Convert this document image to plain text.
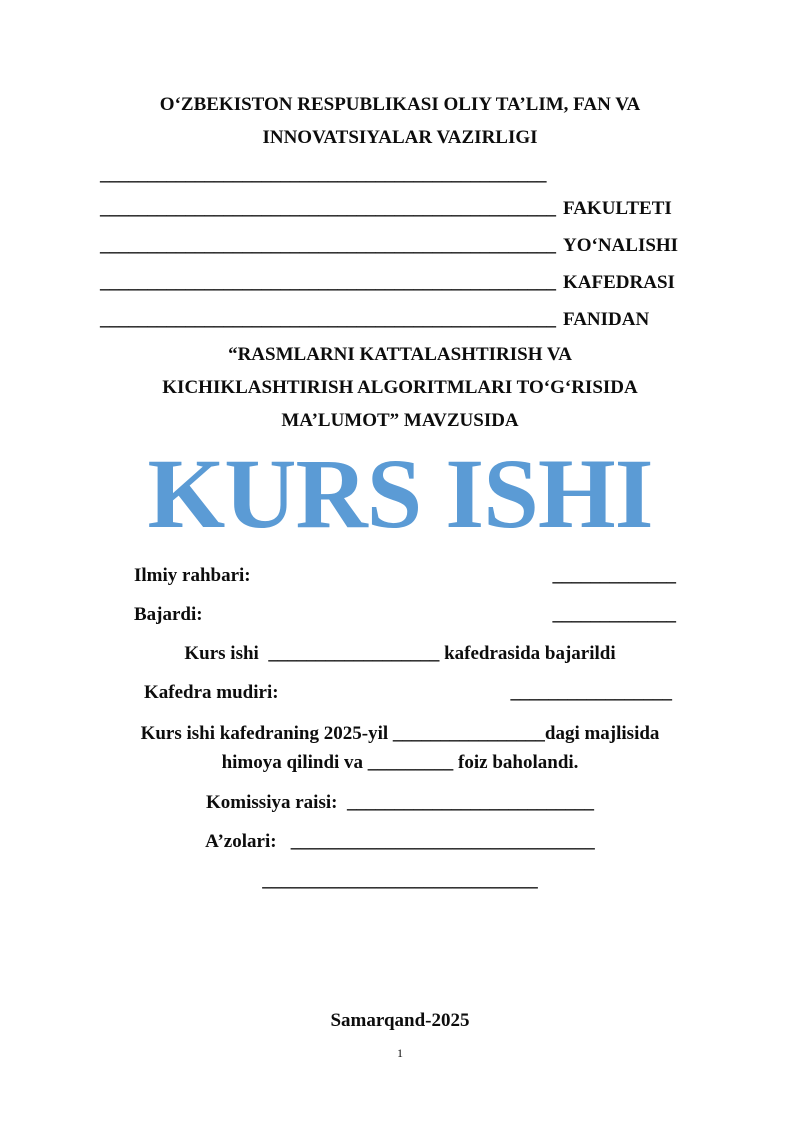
O‘ZBEKISTON RESPUBLIKASI OLIY TA’LIM, FAN VA
INNOVATSIYALAR VAZIRLIGI
_______________________________________________
________________________________________________ FAKULTETI
________________________________________________ YO‘NALISHI
________________________________________________ KAFEDRASI
________________________________________________ FANIDAN
“RASMLARNI KATTALASHTIRISH VA
KICHIKLASHTIRISH ALGORITMLARI TO‘G‘RISIDA
MA’LUMOT” MAVZUSIDA
KURS ISHI
Ilmiy rahbari:	_____________
Bajardi:	_____________
Kurs ishi  __________________ kafedrasida bajarildi
Kafedra mudiri:	_________________
Kurs ishi kafedraning 2025-yil ________________dagi majlisida
himoya qilindi va _________ foiz baholandi.
Komissiya raisi:  __________________________
A’zolari:   ________________________________
_____________________________
Samarqand-2025
1
